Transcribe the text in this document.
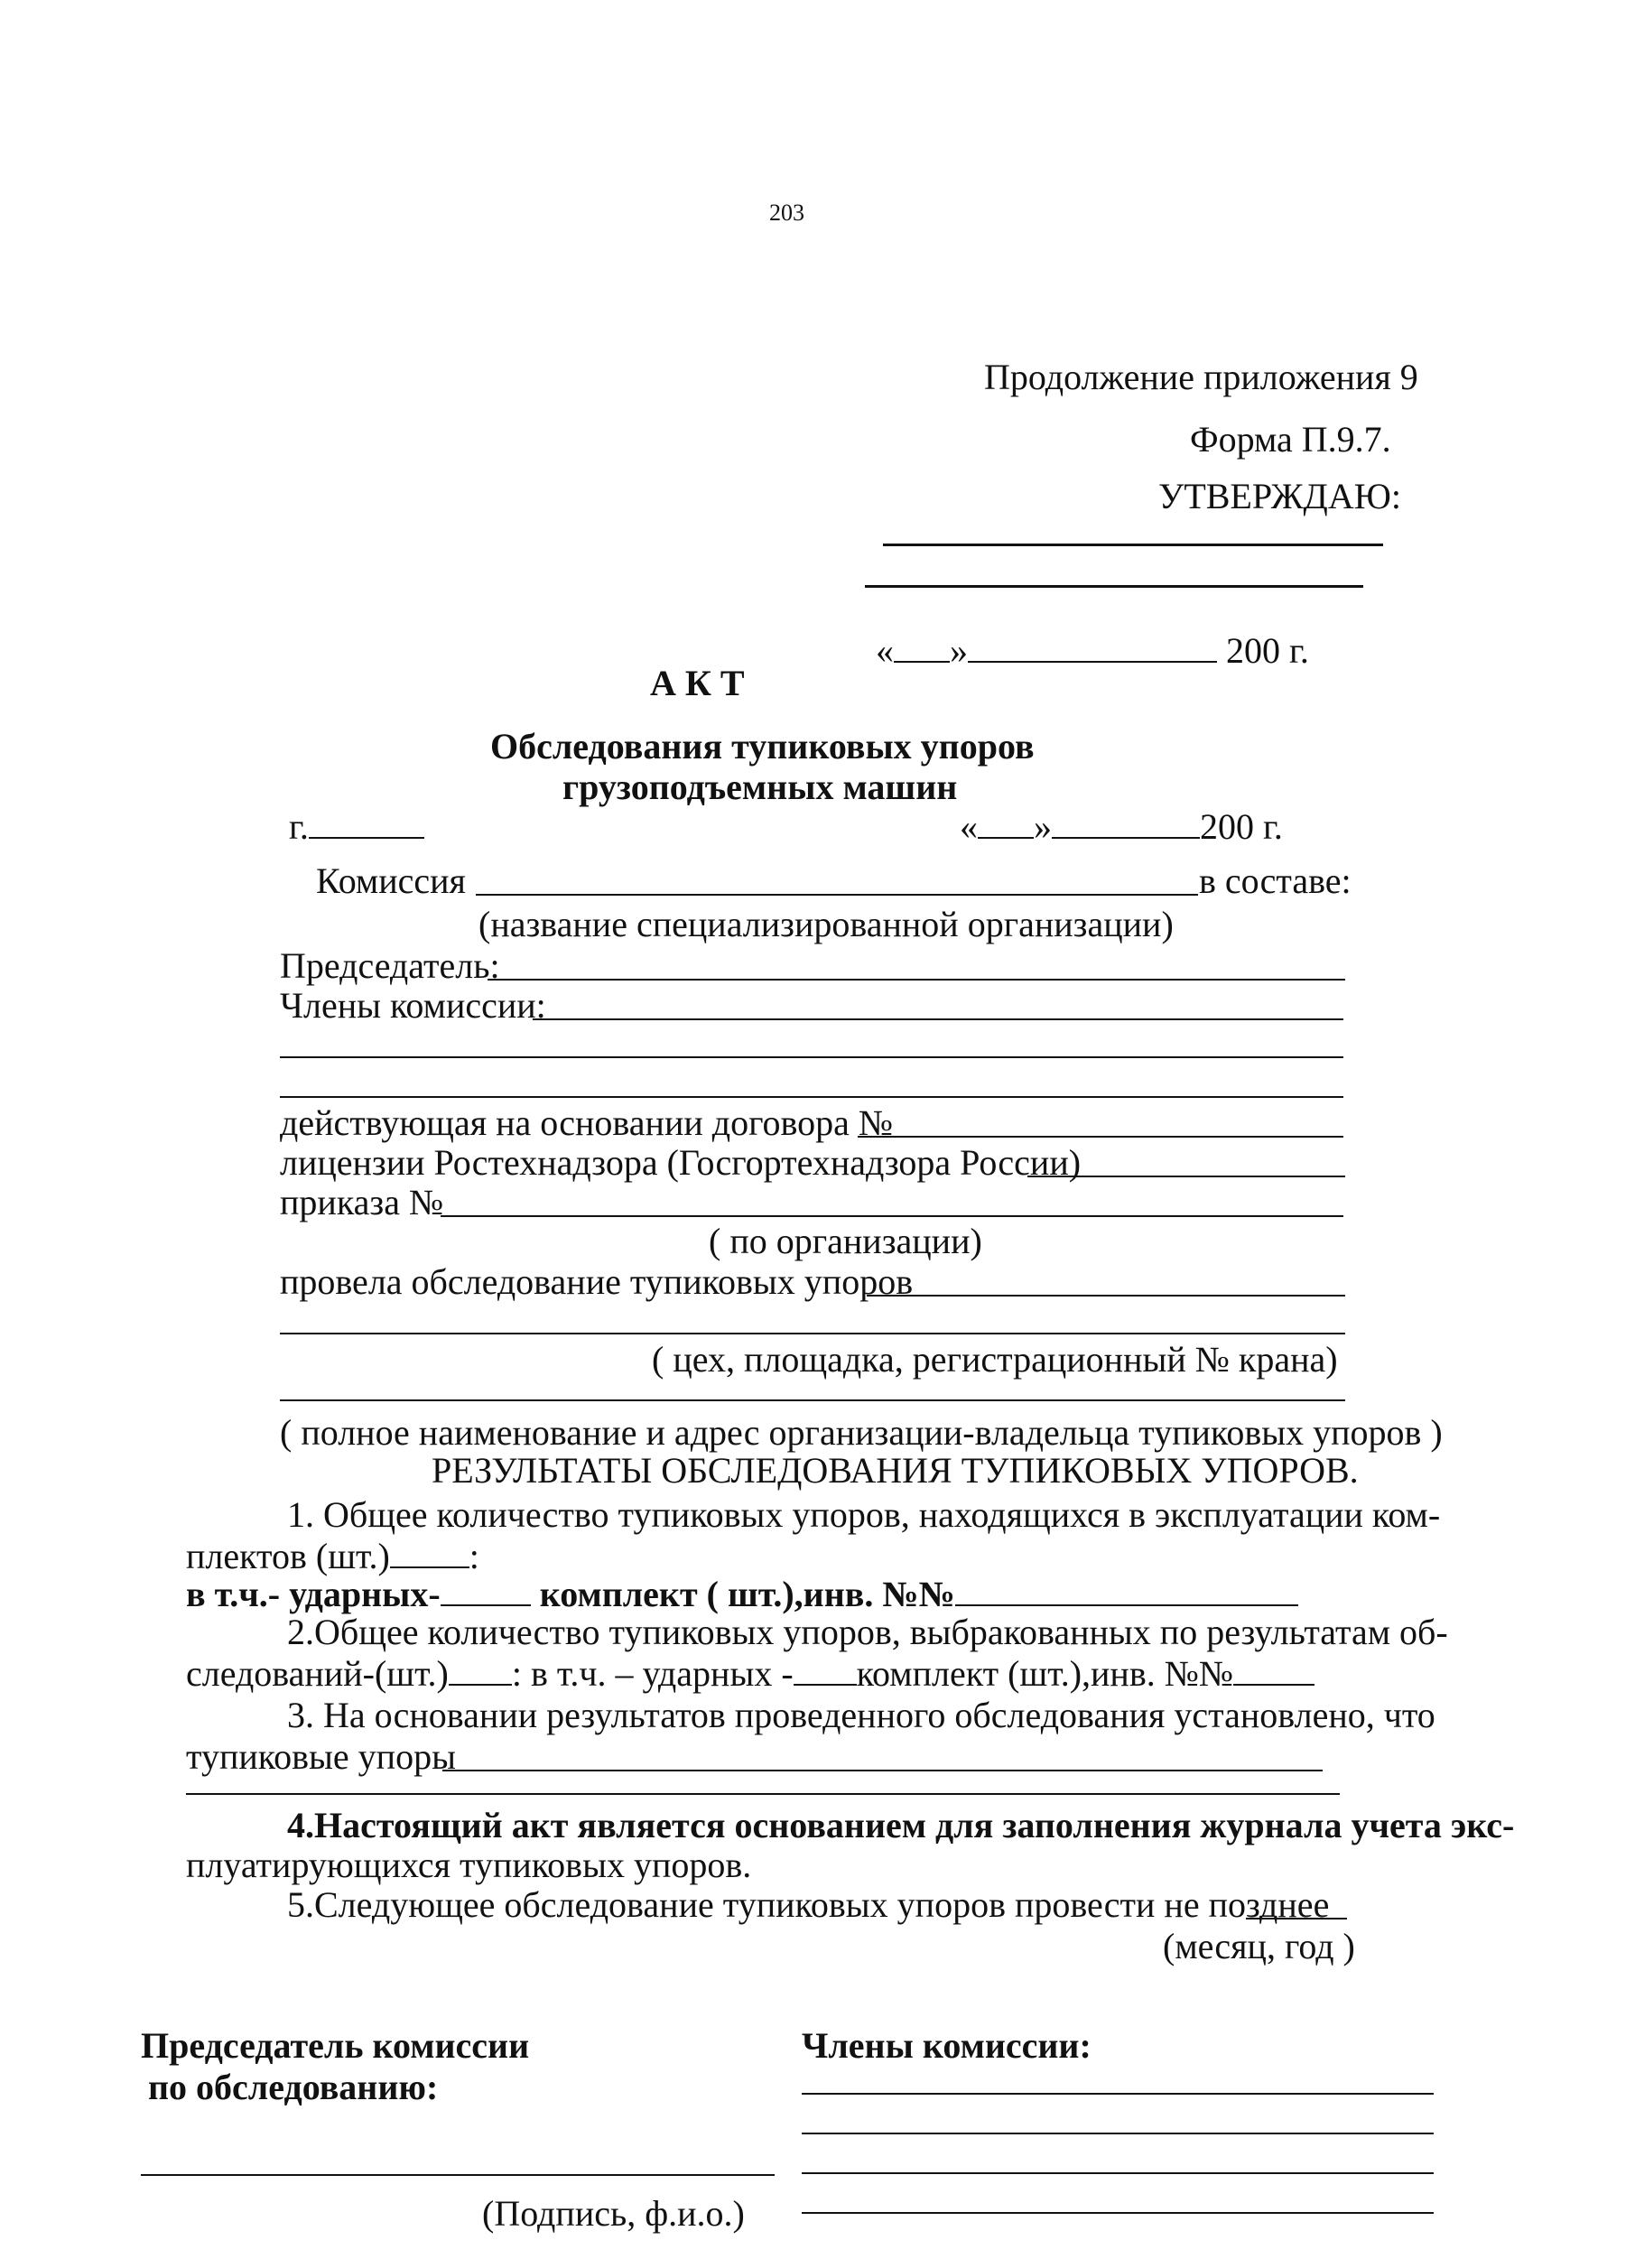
203
Продолжение приложения 9
Форма П.9.7.
УТВЕРЖДАЮ:
« »	200 г.
А К Т
Обследования тупиковых упоров
грузоподъемных машин
г.	« »	200 г.
Комиссия	в составе:
(название специализированной организации)
Председатель:
Члены комиссии:
действующая на основании договора №
лицензии Ростехнадзора (Госгортехнадзора России)
приказа №
( по организации)
провела обследование тупиковых упоров
( цех, площадка, регистрационный № крана)
( полное наименование и адрес организации-владельца тупиковых упоров )
РЕЗУЛЬТАТЫ ОБСЛЕДОВАНИЯ ТУПИКОВЫХ УПОРОВ.
1. Общее количество тупиковых упоров, находящихся в эксплуатации ком-
плектов (шт.) :
в т.ч.- ударных-	комплект ( шт.),инв. №№
2.Общее количество тупиковых упоров, выбракованных по результатам об-
следований-(шт.) : в т.ч. – ударных - комплект (шт.),инв. №№
3. На основании результатов проведенного обследования установлено, что
тупиковые упоры
4.Настоящий акт является основанием для заполнения журнала учета экс-
плуатирующихся тупиковых упоров.
5.Следующее обследование тупиковых упоров провести не позднее
(месяц, год )
Председатель комиссии
по обследованию:
(Подпись, ф.и.о.)
Члены комиссии:
